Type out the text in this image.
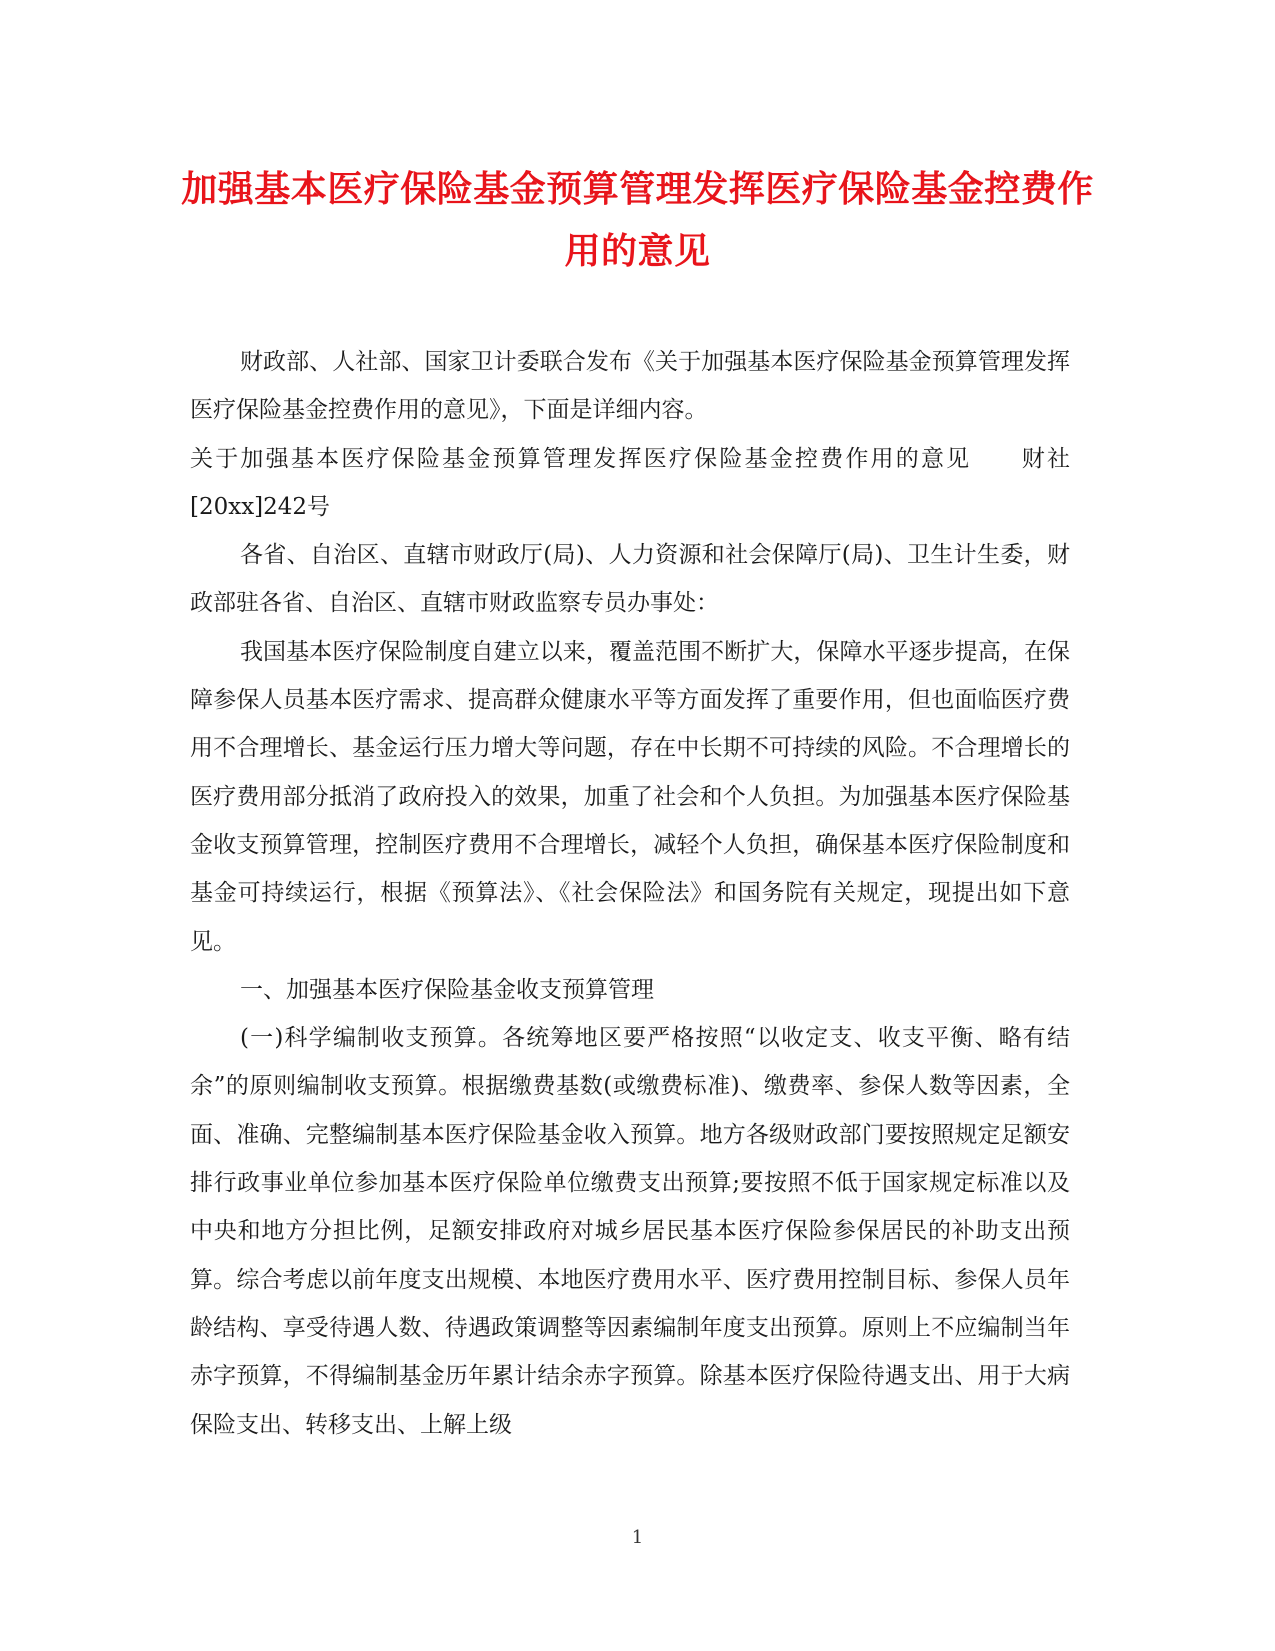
加强基本医疗保险基金预算管理发挥医疗保险基金控费作用的意见

财政部、人社部、国家卫计委联合发布《关于加强基本医疗保险基金预算管理发挥医疗保险基金控费作用的意见》，下面是详细内容。

关于加强基本医疗保险基金预算管理发挥医疗保险基金控费作用的意见　　财社[20xx]242号

各省、自治区、直辖市财政厅(局)、人力资源和社会保障厅(局)、卫生计生委，财政部驻各省、自治区、直辖市财政监察专员办事处：

我国基本医疗保险制度自建立以来，覆盖范围不断扩大，保障水平逐步提高，在保障参保人员基本医疗需求、提高群众健康水平等方面发挥了重要作用，但也面临医疗费用不合理增长、基金运行压力增大等问题，存在中长期不可持续的风险。不合理增长的医疗费用部分抵消了政府投入的效果，加重了社会和个人负担。为加强基本医疗保险基金收支预算管理，控制医疗费用不合理增长，减轻个人负担，确保基本医疗保险制度和基金可持续运行，根据《预算法》、《社会保险法》和国务院有关规定，现提出如下意见。

一、加强基本医疗保险基金收支预算管理

(一)科学编制收支预算。各统筹地区要严格按照“以收定支、收支平衡、略有结余”的原则编制收支预算。根据缴费基数(或缴费标准)、缴费率、参保人数等因素，全面、准确、完整编制基本医疗保险基金收入预算。地方各级财政部门要按照规定足额安排行政事业单位参加基本医疗保险单位缴费支出预算;要按照不低于国家规定标准以及中央和地方分担比例，足额安排政府对城乡居民基本医疗保险参保居民的补助支出预算。综合考虑以前年度支出规模、本地医疗费用水平、医疗费用控制目标、参保人员年龄结构、享受待遇人数、待遇政策调整等因素编制年度支出预算。原则上不应编制当年赤字预算，不得编制基金历年累计结余赤字预算。除基本医疗保险待遇支出、用于大病保险支出、转移支出、上解上级

1
